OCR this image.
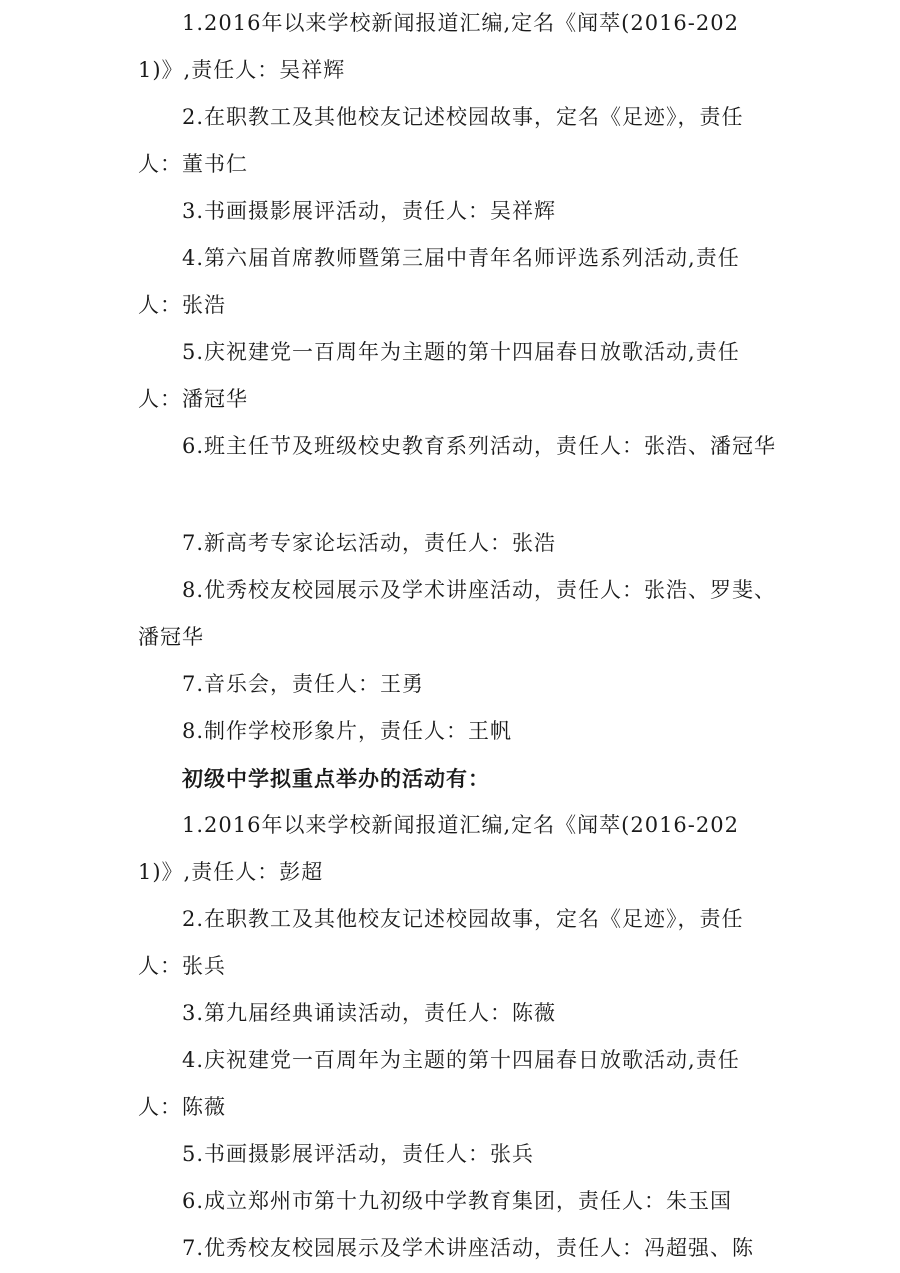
1.2016年以来学校新闻报道汇编,定名《闻萃(2016-2021)》,责任人：吴祥辉

2.在职教工及其他校友记述校园故事，定名《足迹》，责任人：董书仁

3.书画摄影展评活动，责任人：吴祥辉

4.第六届首席教师暨第三届中青年名师评选系列活动,责任人：张浩

5.庆祝建党一百周年为主题的第十四届春日放歌活动,责任人：潘冠华

6.班主任节及班级校史教育系列活动，责任人：张浩、潘冠华

7.新高考专家论坛活动，责任人：张浩

8.优秀校友校园展示及学术讲座活动，责任人：张浩、罗斐、潘冠华

7.音乐会，责任人：王勇

8.制作学校形象片，责任人：王帆

初级中学拟重点举办的活动有：

1.2016年以来学校新闻报道汇编,定名《闻萃(2016-2021)》,责任人：彭超

2.在职教工及其他校友记述校园故事，定名《足迹》，责任人：张兵

3.第九届经典诵读活动，责任人：陈薇

4.庆祝建党一百周年为主题的第十四届春日放歌活动,责任人：陈薇

5.书画摄影展评活动，责任人：张兵

6.成立郑州市第十九初级中学教育集团，责任人：朱玉国

7.优秀校友校园展示及学术讲座活动，责任人：冯超强、陈
